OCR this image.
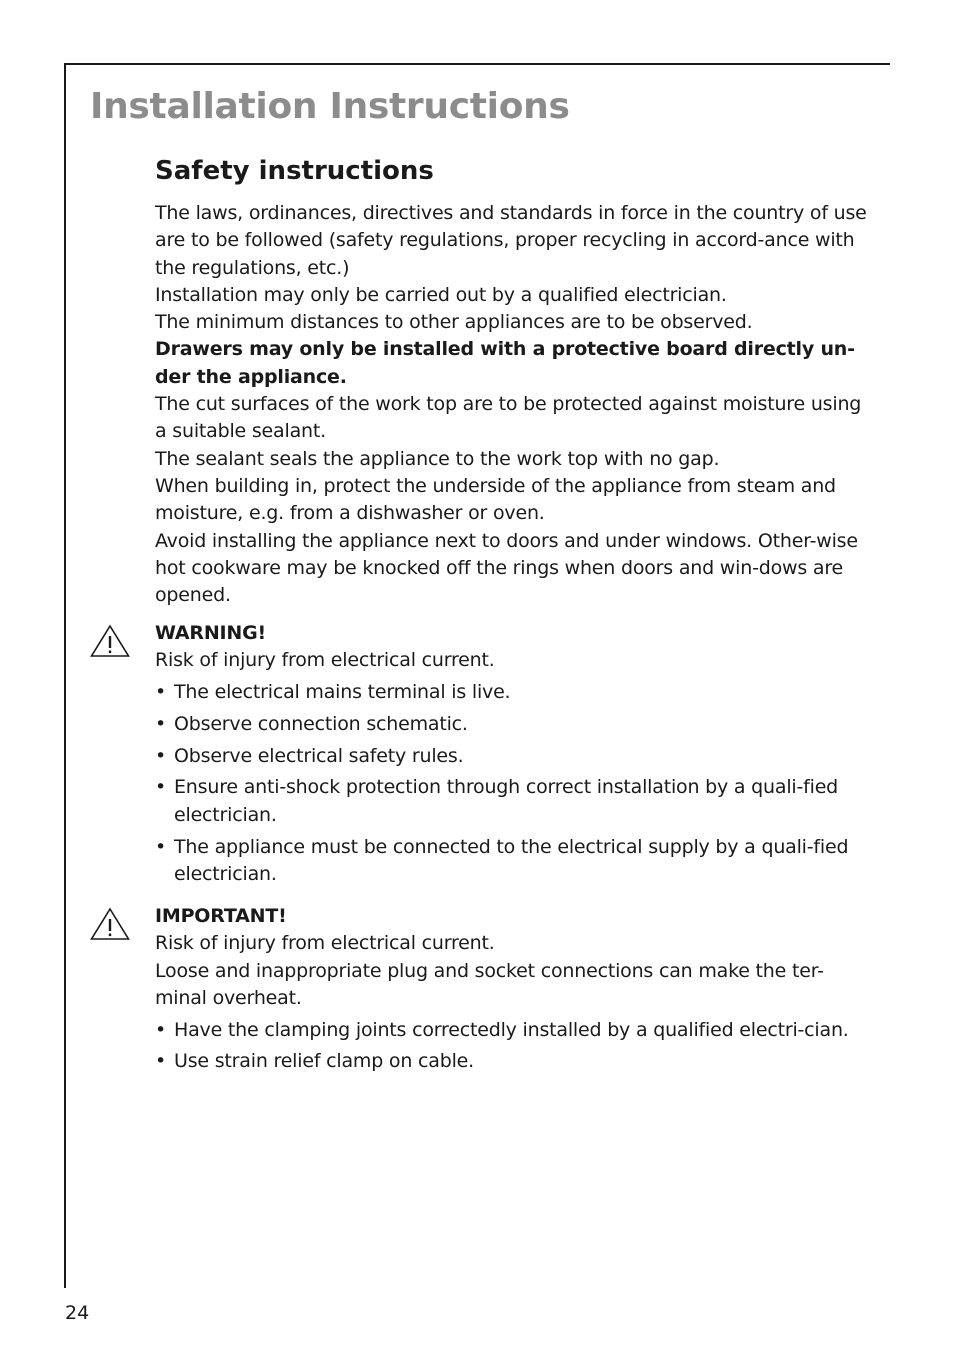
Installation Instructions
Safety instructions

The laws, ordinances, directives and standards in force in the country of use are to be followed (safety regulations, proper recycling in accord-ance with the regulations, etc.)

Installation may only be carried out by a qualified electrician.

The minimum distances to other appliances are to be observed.

Drawers may only be installed with a protective board directly un-der the appliance.

The cut surfaces of the work top are to be protected against moisture using a suitable sealant.

The sealant seals the appliance to the work top with no gap.

When building in, protect the underside of the appliance from steam and moisture, e.g. from a dishwasher or oven.

Avoid installing the appliance next to doors and under windows. Other-wise hot cookware may be knocked off the rings when doors and win-dows are opened.

WARNING!

Risk of injury from electrical current.

• The electrical mains terminal is live.
• Observe connection schematic.
• Observe electrical safety rules.
• Ensure anti-shock protection through correct installation by a quali-fied electrician.
• The appliance must be connected to the electrical supply by a quali-fied electrician.

IMPORTANT!

Risk of injury from electrical current.

Loose and inappropriate plug and socket connections can make the ter-minal overheat.

• Have the clamping joints correctedly installed by a qualified electri-cian.
• Use strain relief clamp on cable.
24
